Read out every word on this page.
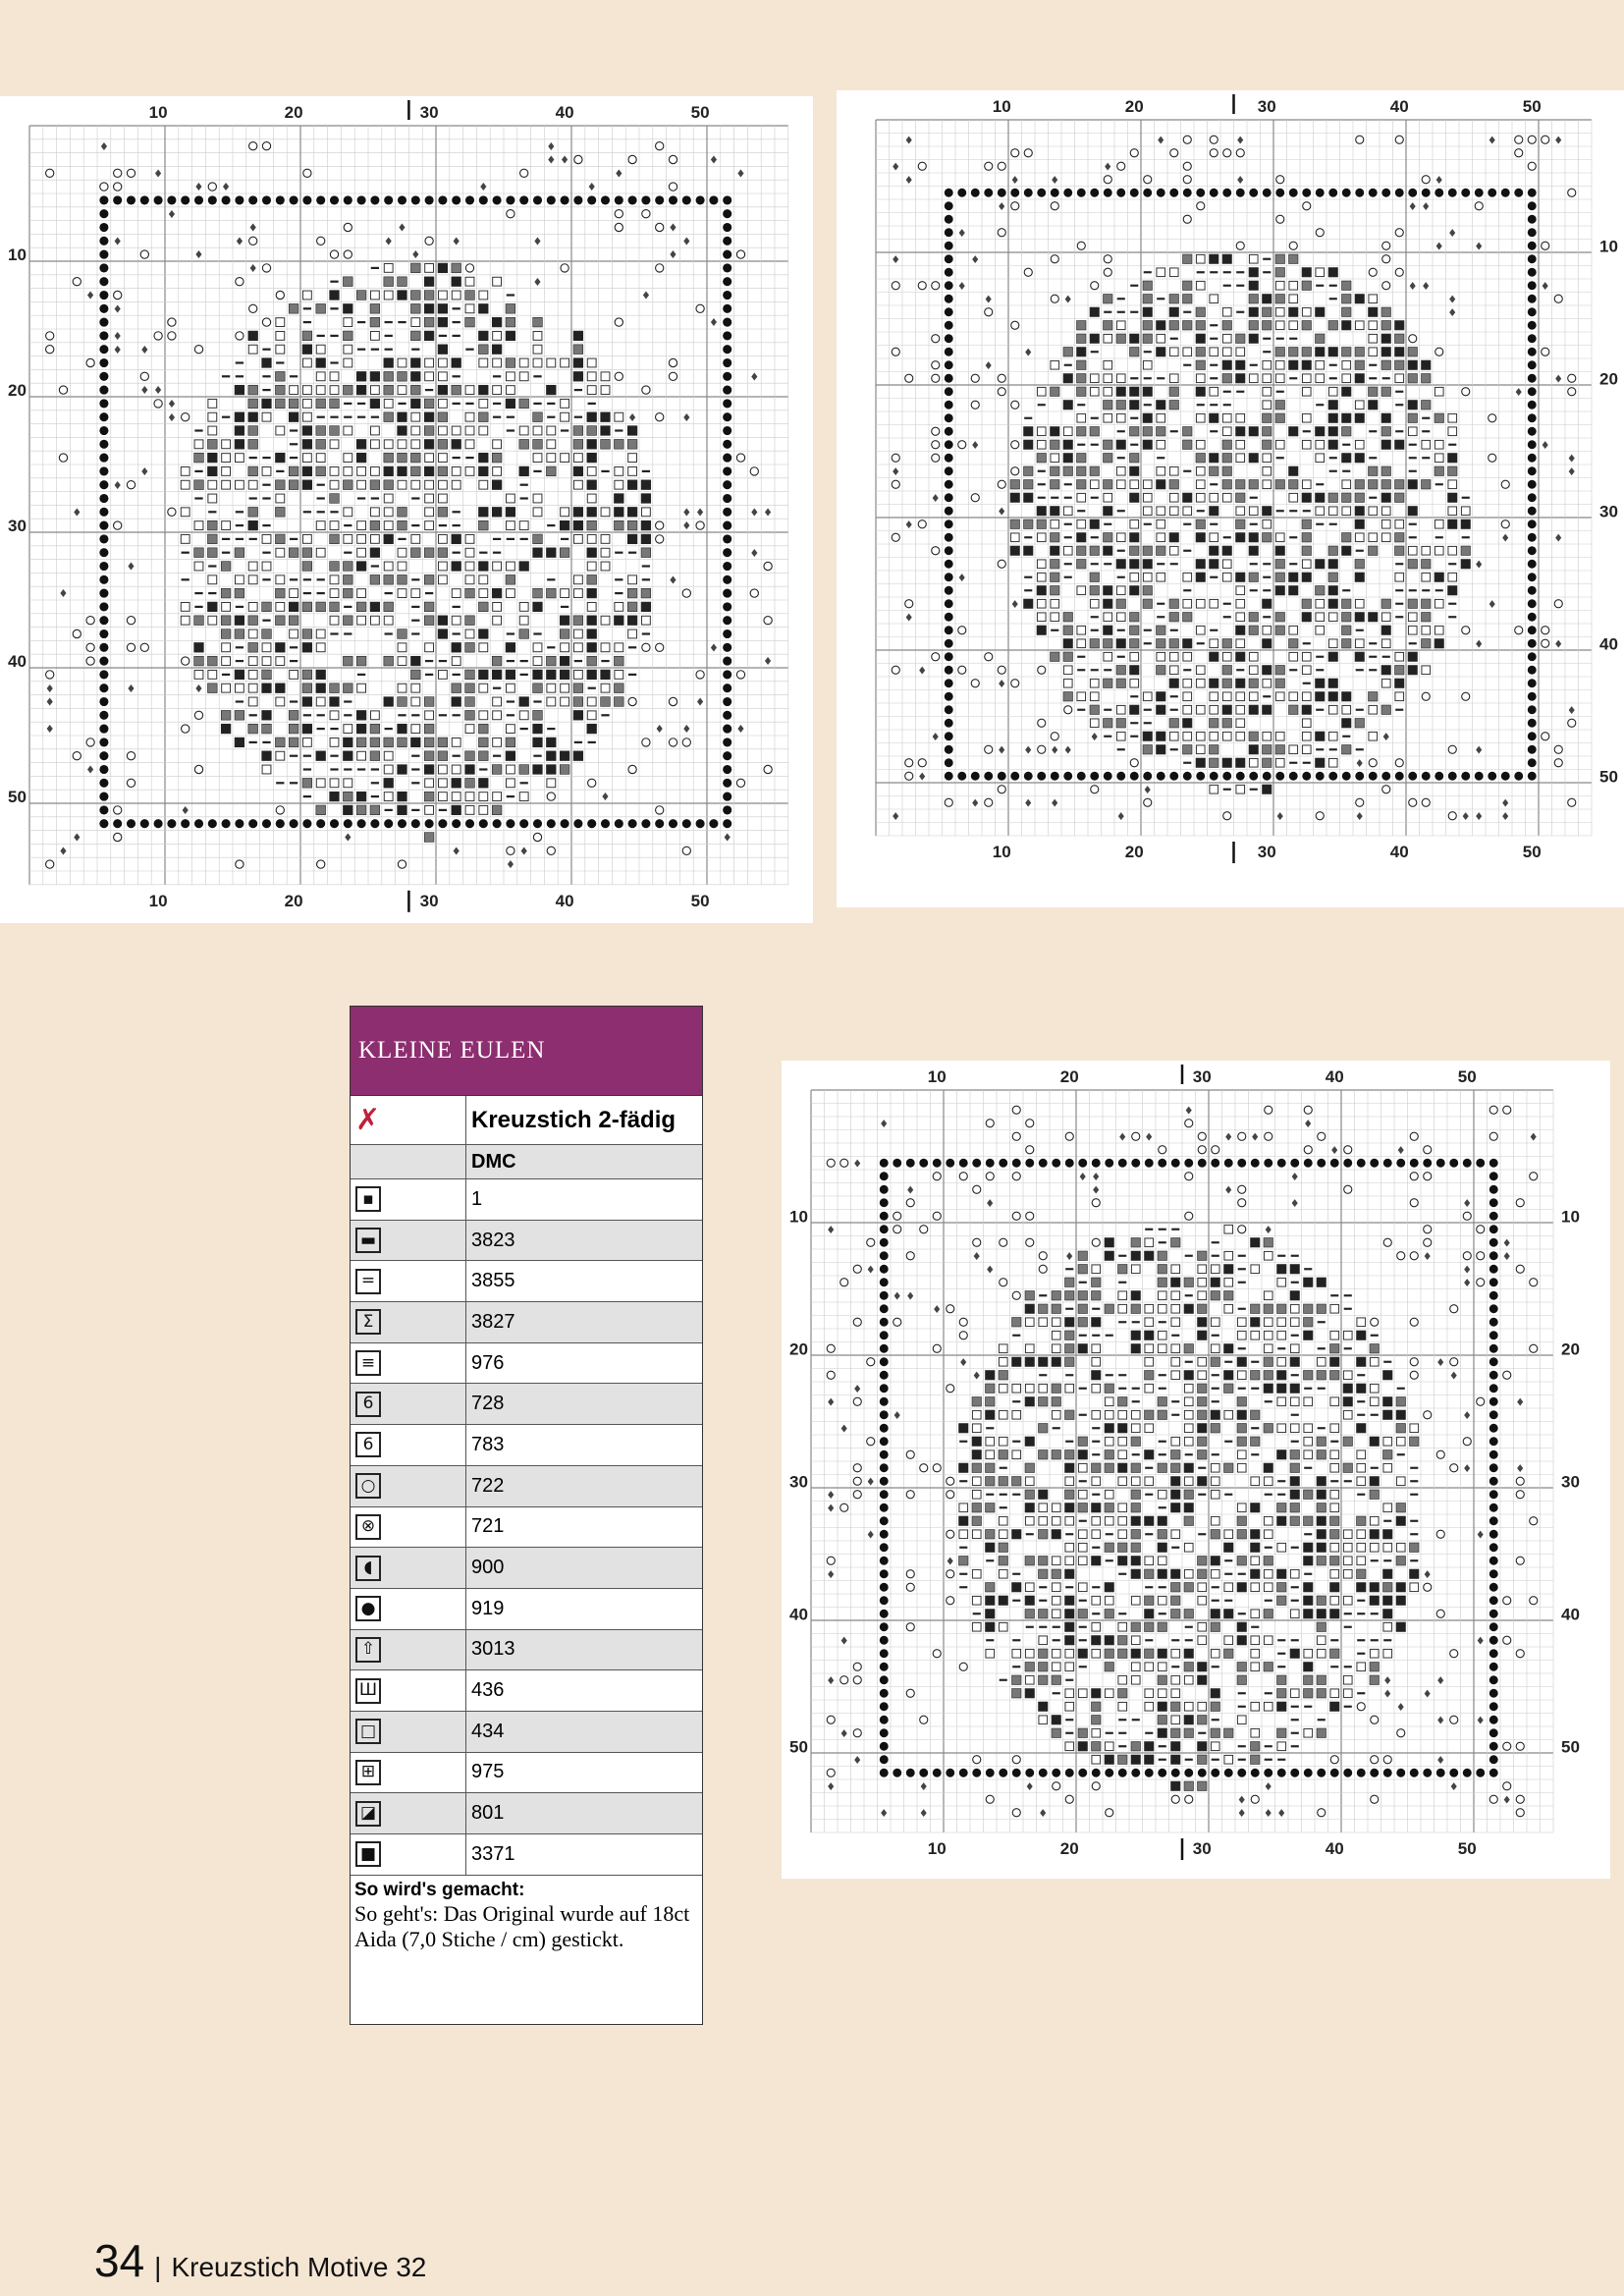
♦	♦
♦ ♦	♦
♦	♦	♦
♦ ♦	♦	♦
♦
♦	♦	♦
♦	♦	♦	♦	♦	♦
♦	♦	♦
♦
♦
♦	♦
♦
♦
♦
♦ ♦
♦
♦ ♦
♦
♦	♦	♦
♦
♦
♦	♦ ♦	♦ ♦
♦
♦
♦
♦
♦
♦
♦
♦	♦	♦
♦	♦
♦	♦ ♦	♦
♦
♦
♦
♦	♦	♦
♦	♦	♦
♦
10
10
20
20
30
30
40
40
50
50
10
20
30
40
50
♦	♦	♦	♦	♦
♦	♦
♦	♦	♦	♦	♦
♦	♦ ♦
♦	♦
♦	♦
♦	♦
♦	♦ ♦	♦
♦	♦	♦
♦
♦
♦
♦
♦
♦	♦
♦
♦	♦
♦
♦
♦
♦	♦
♦
♦
♦	♦
♦
♦	♦
♦
♦
♦
♦	♦	♦
♦ ♦ ♦ ♦	♦
♦
♦
♦
♦	♦ ♦	♦
♦	♦	♦	♦	♦ ♦ ♦
10
10
20
20
30
30
40
40
50
50
10
20
30
40
50
♦
♦	♦
♦ ♦	♦ ♦	♦
♦	♦
♦
♦ ♦	♦
♦	♦	♦
♦	♦	♦
♦	♦
♦
♦	♦	♦	♦
♦	♦	♦
♦
♦ ♦
♦
♦	♦
♦	♦
♦
♦	♦
♦	♦
♦
♦	♦
♦
♦
♦
♦	♦
♦
♦	♦
♦	♦
♦	♦	♦
♦	♦
♦
♦	♦
♦
♦	♦
♦	♦	♦	♦	♦
♦	♦
♦	♦	♦	♦ ♦ ♦
10
10
20
20
30
30
40
40
50
50
10	10
20	20
30	30
40	40
50	50
KLEINE EULEN
✗	Kreuzstich 2-fädig
	DMC

▪	1

▬	3823

=	3855

Σ	3827

≡	976

6	728

6	783

○	722

⊗	721

◖	900

●	919

⇧	3013

Ш	436

□	434

⊞	975

◪	801

■	3371
So wird's gemacht:
So geht's: Das Original wurde auf 18ct Aida (7,0 Stiche / cm) gestickt.
34 | Kreuzstich Motive 32
